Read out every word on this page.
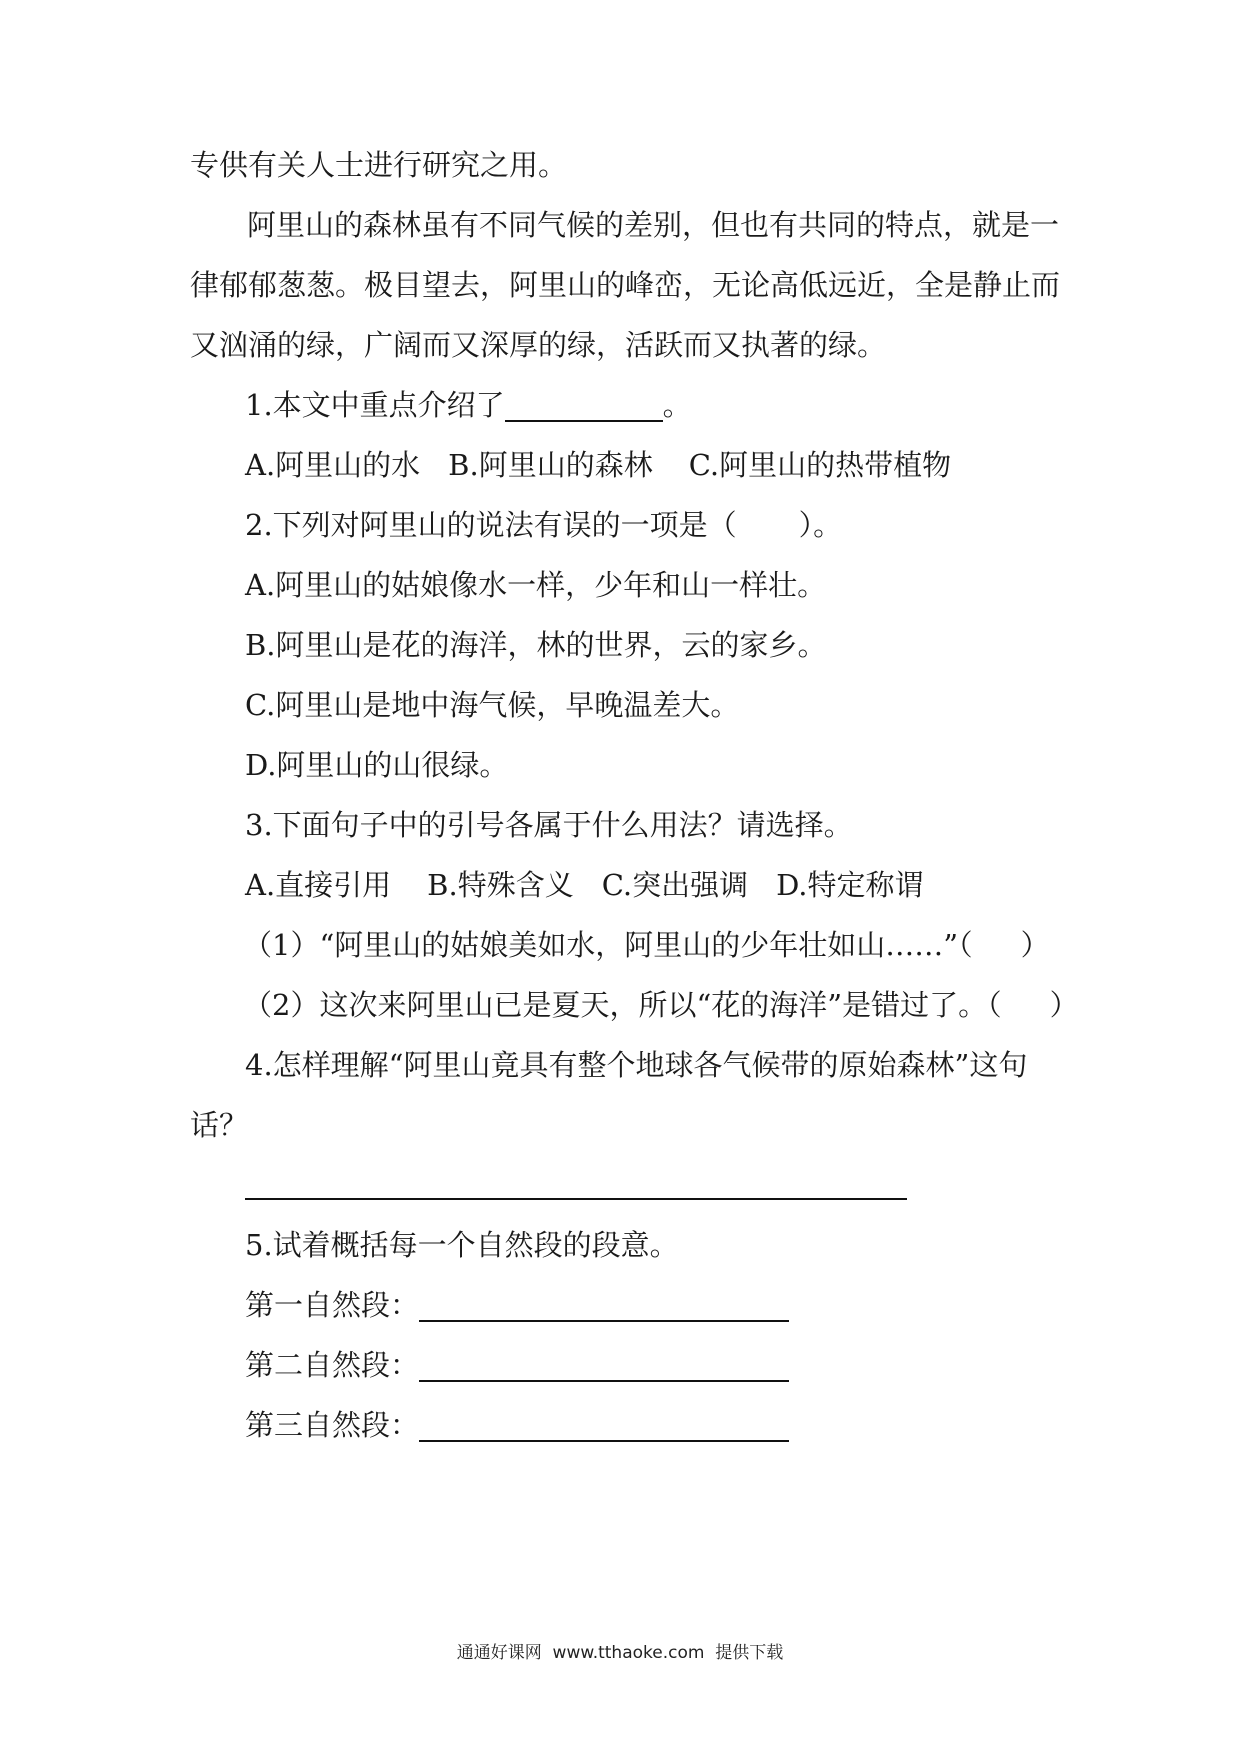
专供有关人士进行研究之用。
阿里山的森林虽有不同气候的差别，但也有共同的特点，就是一
律郁郁葱葱。极目望去，阿里山的峰峦，无论高低远近，全是静止而
又汹涌的绿，广阔而又深厚的绿，活跃而又执著的绿。
1.本文中重点介绍了	。
A.阿里山的水 B.阿里山的森林 C.阿里山的热带植物
2.下列对阿里山的说法有误的一项是（ ）。
A.阿里山的姑娘像水一样，少年和山一样壮。
B.阿里山是花的海洋，林的世界，云的家乡。
C.阿里山是地中海气候，早晚温差大。
D.阿里山的山很绿。
3.下面句子中的引号各属于什么用法？请选择。
A.直接引用 B.特殊含义 C.突出强调 D.特定称谓
（1）“阿里山的姑娘美如水，阿里山的少年壮如山……”（ ）
（2）这次来阿里山已是夏天，所以“花的海洋”是错过了。（ ）
4.怎样理解“阿里山竟具有整个地球各气候带的原始森林”这句
话？
5.试着概括每一个自然段的段意。
第一自然段：
第二自然段：
第三自然段：
通通好课网 www.tthaoke.com 提供下载
